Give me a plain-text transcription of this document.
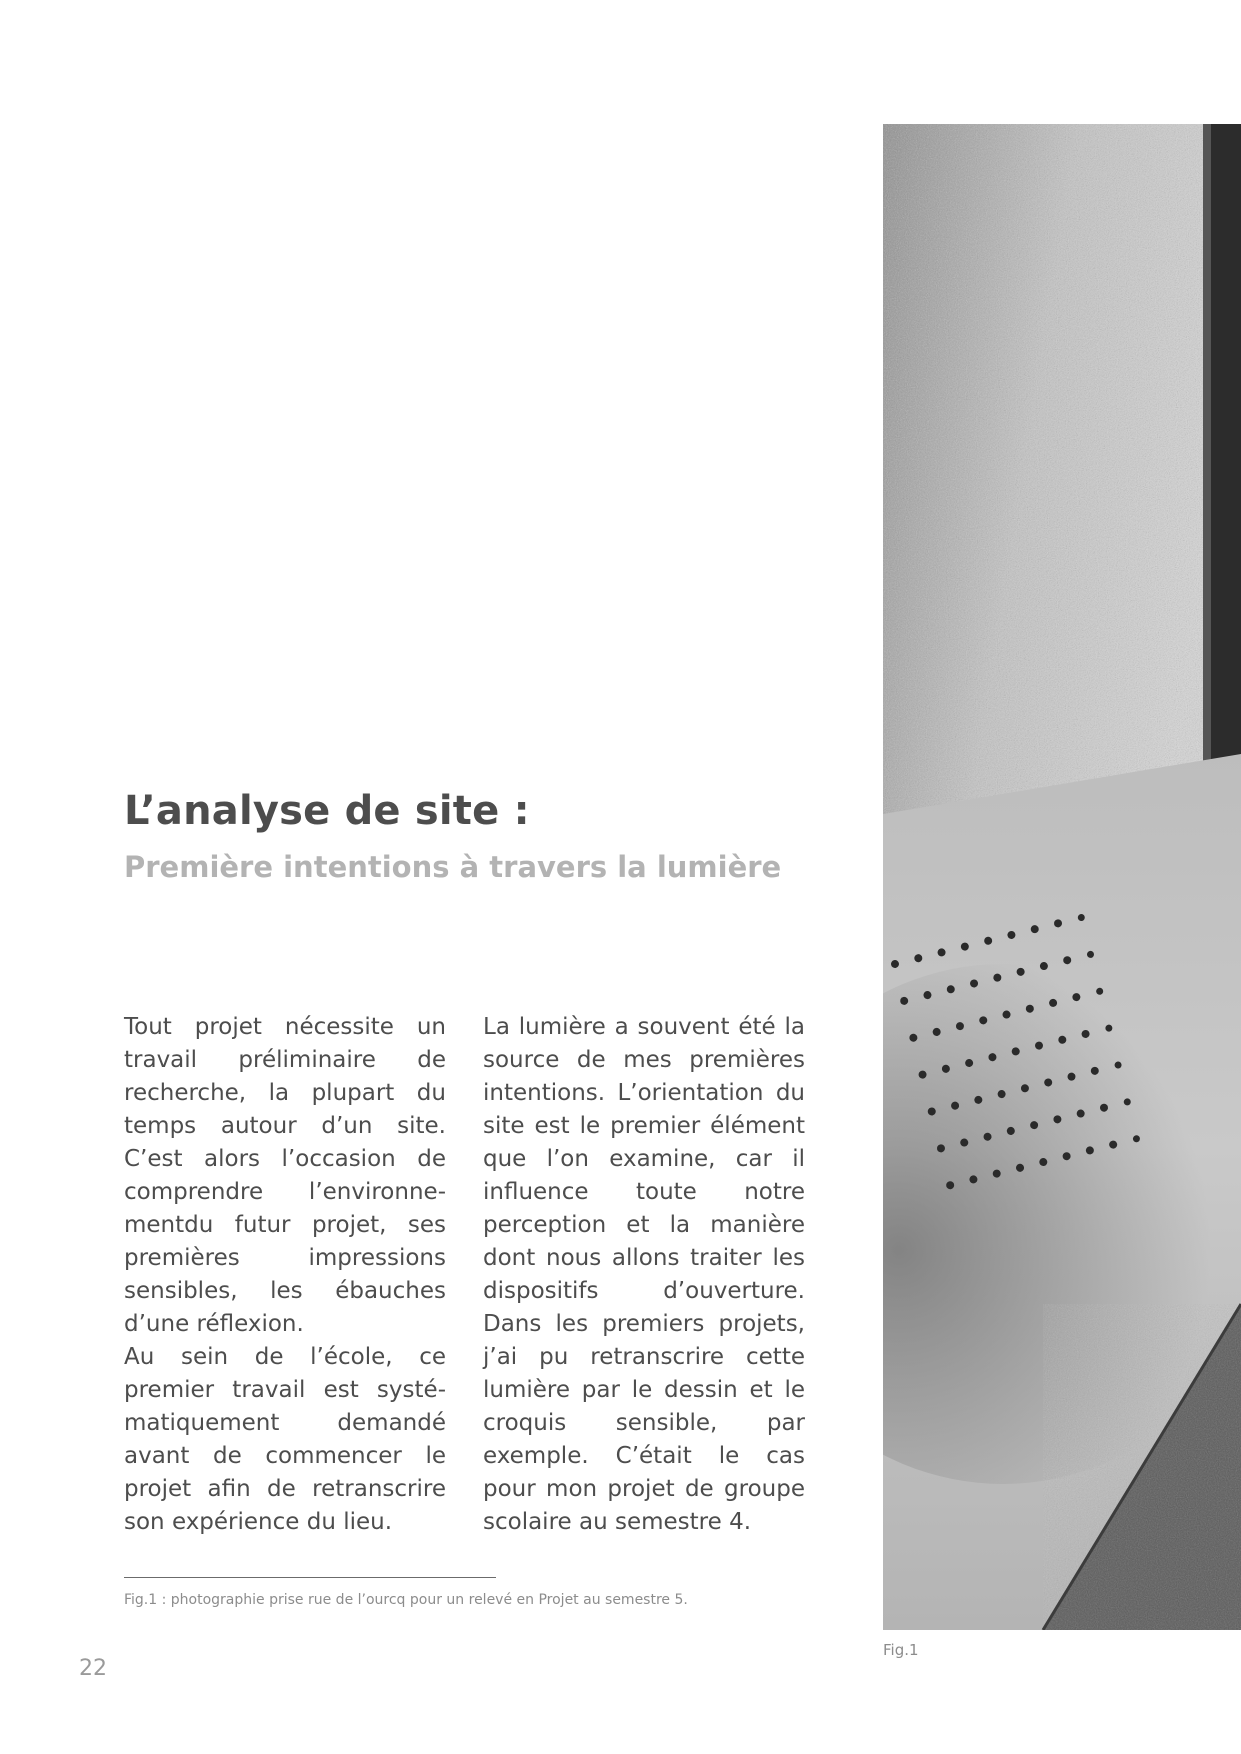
L’analyse de site :
Première intentions à travers la lumière

Tout projet nécessite un travail préliminaire de recherche, la plupart du temps autour d’un site. C’est alors l’occasion de comprendre l’environnementdu futur projet, ses premières impressions sensibles, les ébauches d’une réflexion.

Au sein de l’école, ce premier travail est systématiquement demandé avant de commencer le projet afin de retranscrire son expérience du lieu.

La lumière a souvent été la source de mes premières intentions. L’orientation du site est le premier élément que l’on examine, car il influence toute notre perception et la manière dont nous allons traiter les dispositifs d’ouverture. Dans les premiers projets, j’ai pu retranscrire cette lumière par le dessin et le croquis sensible, par exemple. C’était le cas pour mon projet de groupe scolaire au semestre 4.

Fig.1 : photographie prise rue de l’ourcq pour un relevé en Projet au semestre 5.
22
Fig.1
